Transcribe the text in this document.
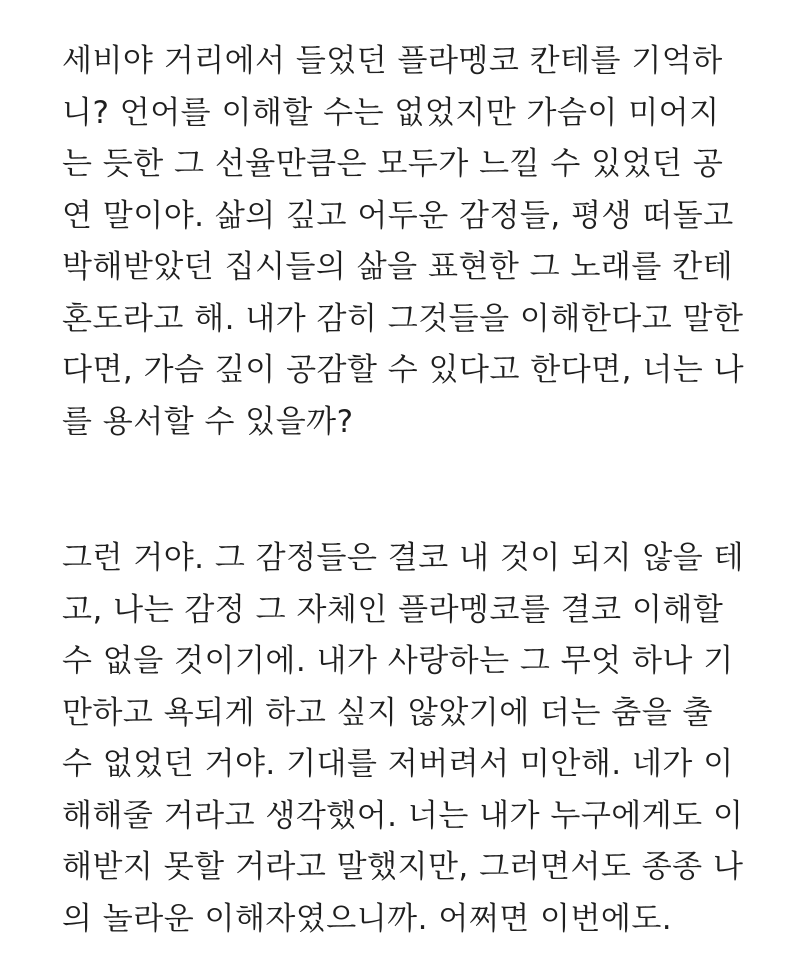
세비야 거리에서 들었던 플라멩코 칸테를 기억하
니? 언어를 이해할 수는 없었지만 가슴이 미어지
는 듯한 그 선율만큼은 모두가 느낄 수 있었던 공
연 말이야. 삶의 깊고 어두운 감정들, 평생 떠돌고
박해받았던 집시들의 삶을 표현한 그 노래를 칸테
혼도라고 해. 내가 감히 그것들을 이해한다고 말한
다면, 가슴 깊이 공감할 수 있다고 한다면, 너는 나
를 용서할 수 있을까?
그런 거야. 그 감정들은 결코 내 것이 되지 않을 테
고, 나는 감정 그 자체인 플라멩코를 결코 이해할
수 없을 것이기에. 내가 사랑하는 그 무엇 하나 기
만하고 욕되게 하고 싶지 않았기에 더는 춤을 출
수 없었던 거야. 기대를 저버려서 미안해. 네가 이
해해줄 거라고 생각했어. 너는 내가 누구에게도 이
해받지 못할 거라고 말했지만, 그러면서도 종종 나
의 놀라운 이해자였으니까. 어쩌면 이번에도.
